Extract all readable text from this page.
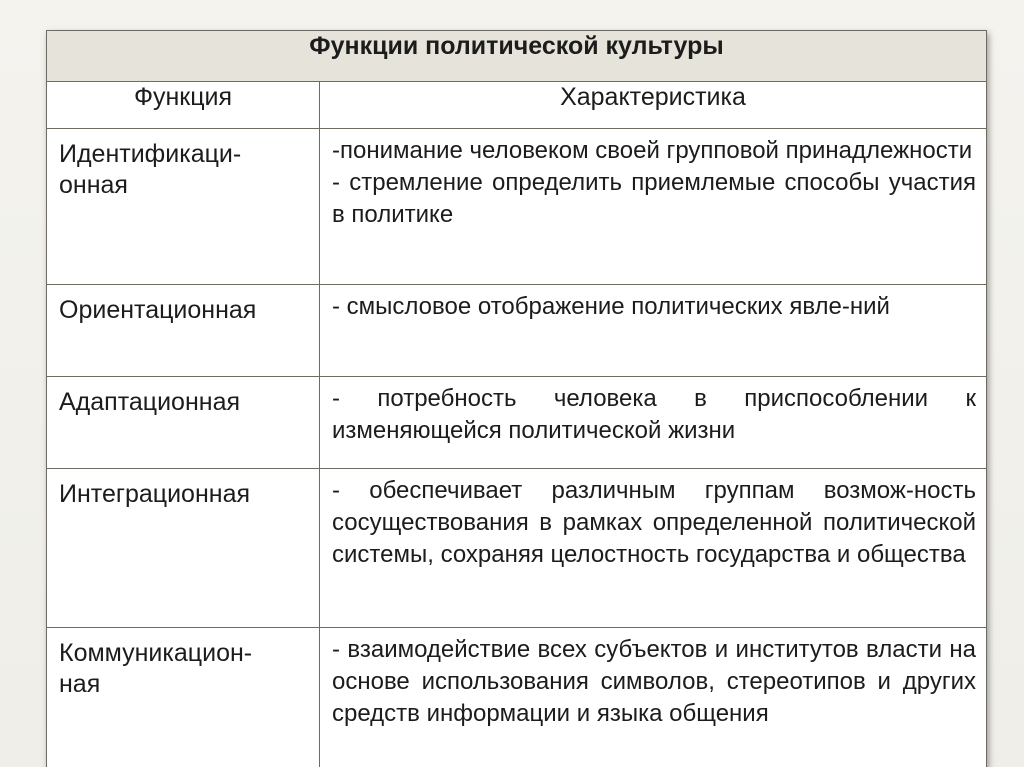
Функции политической культуры	
Функция	Характеристика

Идентификаци-
онная	-понимание человеком своей групповой принадлежности
- стремление определить приемлемые способы участия в политике

Ориентационная	- смысловое отображение политических явле-ний

Адаптационная	- потребность человека в приспособлении к изменяющейся политической жизни

Интеграционная	- обеспечивает различным группам возмож-ность сосуществования в рамках определенной политической системы, сохраняя целостность государства и общества

Коммуникацион-
ная	- взаимодействие всех субъектов и институтов власти на основе использования символов, стереотипов и других средств информации и языка общения
